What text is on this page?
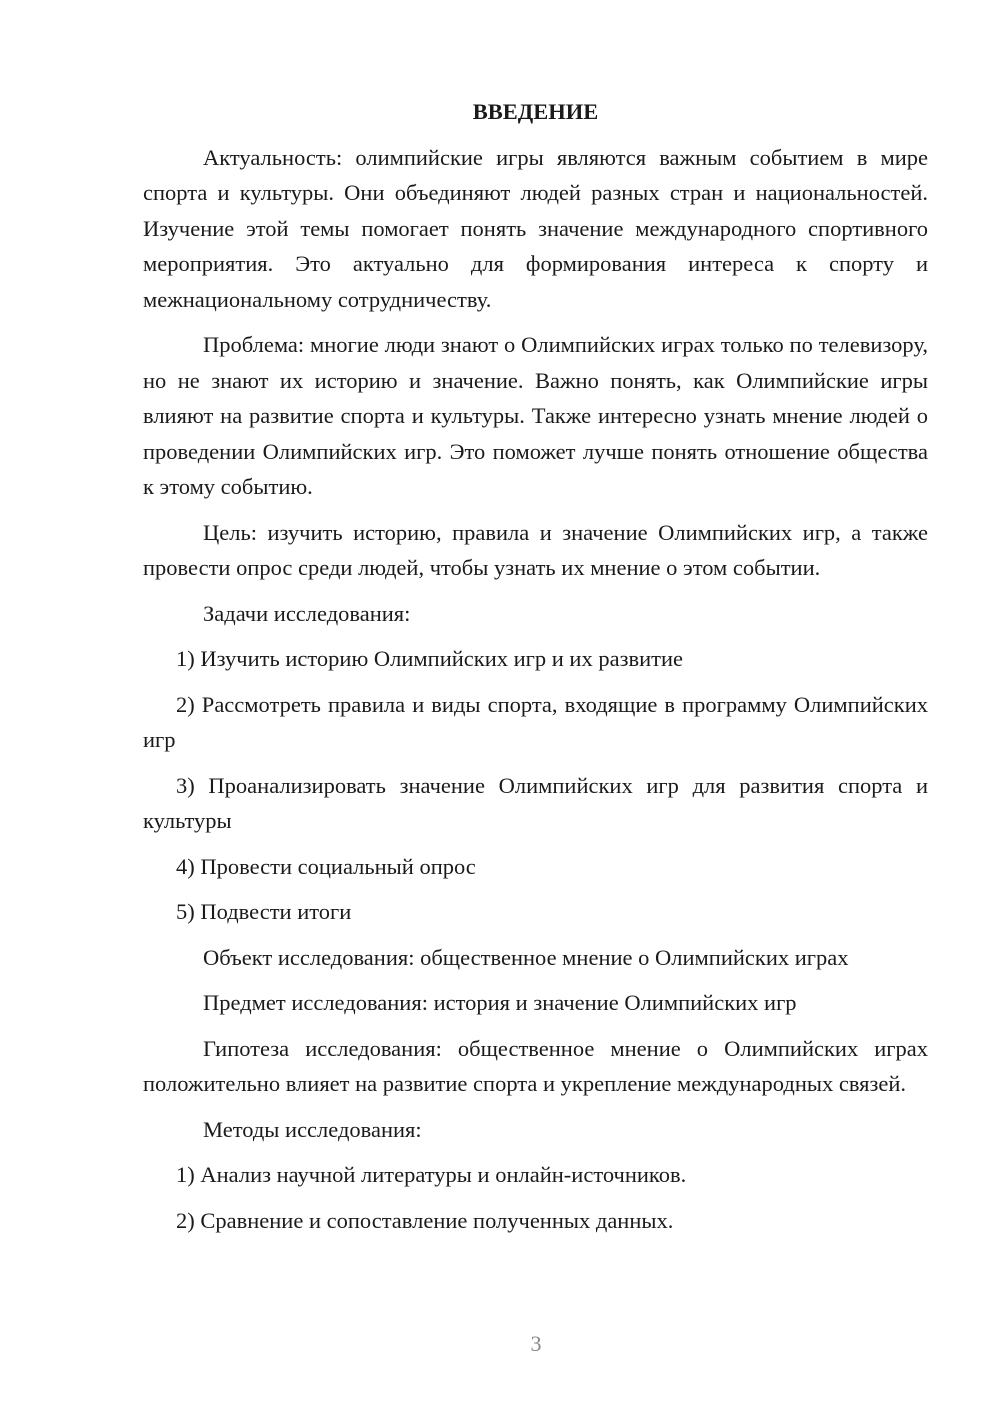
ВВЕДЕНИЕ

Актуальность: олимпийские игры являются важным событием в мире спорта и культуры. Они объединяют людей разных стран и национальностей. Изучение этой темы помогает понять значение международного спортивного мероприятия. Это актуально для формирования интереса к спорту и межнациональному сотрудничеству.

Проблема: многие люди знают о Олимпийских играх только по телевизору, но не знают их историю и значение. Важно понять, как Олимпийские игры влияют на развитие спорта и культуры. Также интересно узнать мнение людей о проведении Олимпийских игр. Это поможет лучше понять отношение общества к этому событию.

Цель: изучить историю, правила и значение Олимпийских игр, а также провести опрос среди людей, чтобы узнать их мнение о этом событии.

Задачи исследования:

1) Изучить историю Олимпийских игр и их развитие

2) Рассмотреть правила и виды спорта, входящие в программу Олимпийских игр

3) Проанализировать значение Олимпийских игр для развития спорта и культуры

4) Провести социальный опрос

5) Подвести итоги

Объект исследования: общественное мнение о Олимпийских играх

Предмет исследования: история и значение Олимпийских игр

Гипотеза исследования: общественное мнение о Олимпийских играх положительно влияет на развитие спорта и укрепление международных связей.

Методы исследования:

1) Анализ научной литературы и онлайн-источников.

2) Сравнение и сопоставление полученных данных.

3
